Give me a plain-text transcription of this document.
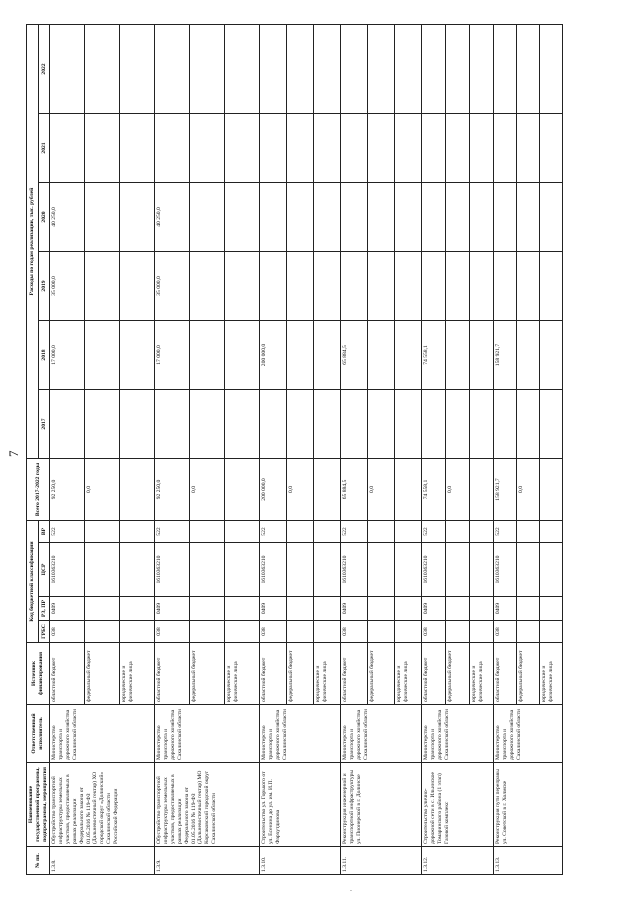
7
№ пп.	Наименование государственной программы, подпрограммы, мероприятия	Ответственный исполнитель	Источник финансирования	Код бюджетной классификации				Всего 2017-2022 годы	Расходы по годам реализации, тыс. рублей					
				ГРБС	РЗ, ПР	ЦСР	ВР		2017	2018	2019	2020	2021	2022
1.3.8.	Обустройство транспортной инфраструктуры земельных участков, предоставляемых в рамках реализации Федерального закона от 01.05.2016 № 119-ФЗ (Дальневосточный гектар) ХО городской округ «Долинский» Сахалинской области Российской Федерации	Министерство транспорта и дорожного хозяйства Сахалинской области	областной бюджет	038	0409	1610363210	522	92 250,0		17 000,0	35 000,0	40 250,0		
			федеральный бюджет					0,0						
			юридические и физические лица											
1.3.9.	Обустройство транспортной инфраструктуры земельных участков, предоставляемых в рамках реализации Федерального закона от 01.05.2016 № 119-ФЗ (Дальневосточный гектар) МО Корсаковский городской округ Сахалинской области	Министерство транспорта и дорожного хозяйства Сахалинской области	областной бюджет	038	0409	1610363210	522	92 250,0		17 000,0	35 000,0	40 250,0		
			федеральный бюджет					0,0						
			юридические и физические лица											
1.3.10.	Строительство ул. Горького от ул. Есенина до ул. им. И.П. Фархутдинова	Министерство транспорта и дорожного хозяйства Сахалинской области	областной бюджет	038	0409	1610363210	522	200 000,0		200 000,0				
			федеральный бюджет					0,0						
			юридические и физические лица											
1.3.11.	Реконструкция инженерной и транспортной инфраструктуры ул. Пионерской в г. Долинске	Министерство транспорта и дорожного хозяйства Сахалинской области	областной бюджет	038	0409	1610363210	522	65 884,5		65 884,5				
			федеральный бюджет					0,0						
			юридические и физические лица											
1.3.12.	Строительство улично-дорожной сети в с. Ильинское Томаринского района (1 этап) Газовой комплекс	Министерство транспорта и дорожного хозяйства Сахалинской области	областной бюджет	038	0409	1610363210	522	74 558,1		74 558,1				
			федеральный бюджет					0,0						
			юридические и физические лица											
1.3.13.	Реконструкция пути переправы ул. Советской в г. Холмске	Министерство транспорта и дорожного хозяйства Сахалинской области	областной бюджет	038	0409	1610363210	522	158 921,7		158 921,7				
			федеральный бюджет					0,0						
			юридические и физические лица											
,
